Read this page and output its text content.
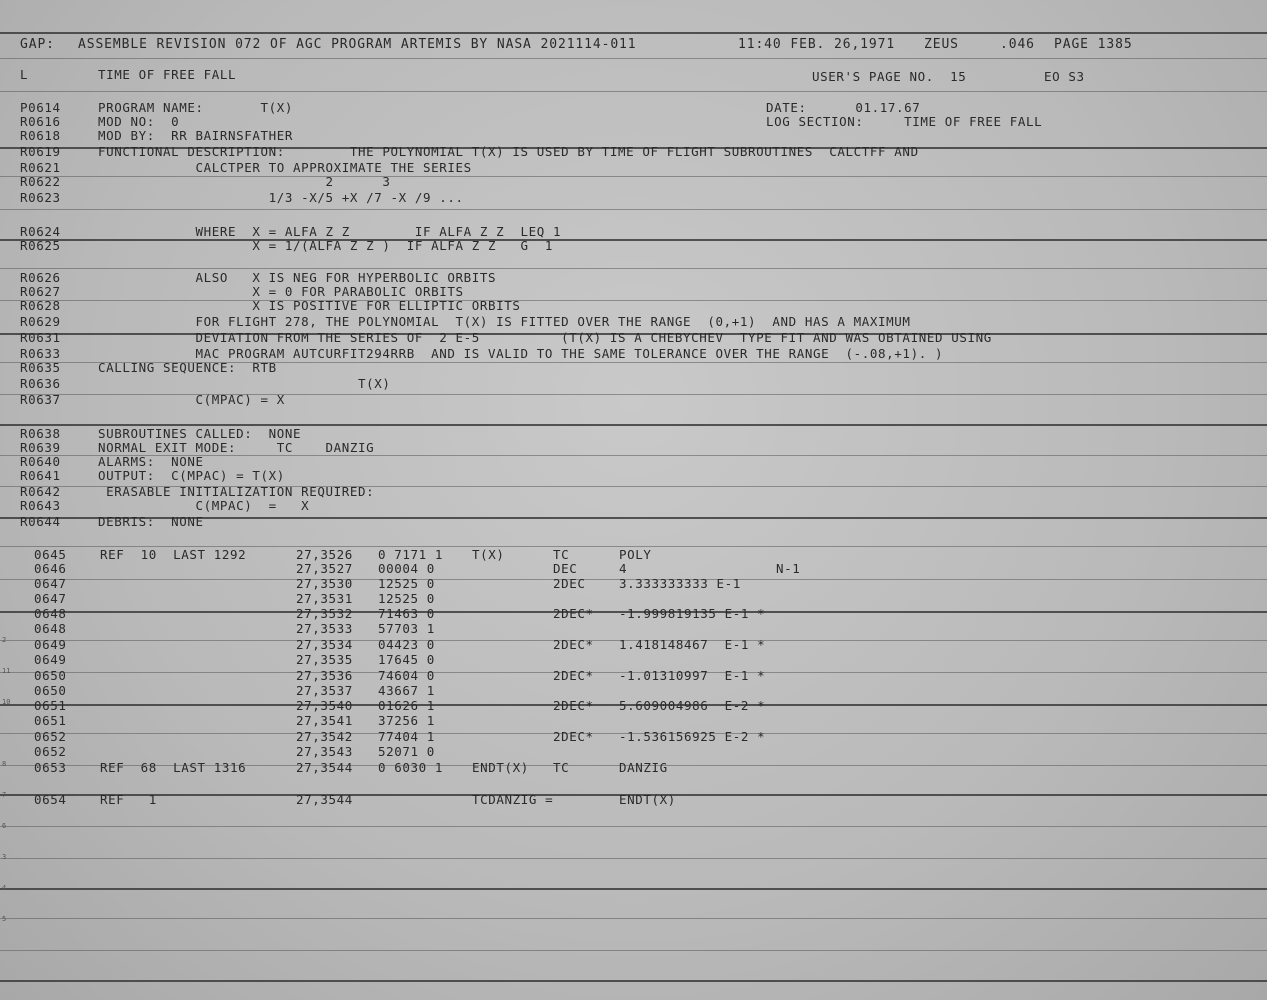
GAP: ASSEMBLE REVISION 072 OF AGC PROGRAM ARTEMIS BY NASA 2021114-011	11:40 FEB. 26,1971 ZEUS	.046 PAGE 1385
L	TIME OF FREE FALL	USER'S PAGE NO.  15	EO S3
DATE:      01.17.67
LOG SECTION:     TIME OF FREE FALL
P0614	PROGRAM NAME:       T(X)
R0616	MOD NO:  0
R0618	MOD BY:  RR BAIRNSFATHER
R0619	FUNCTIONAL DESCRIPTION:        THE POLYNOMIAL T(X) IS USED BY TIME OF FLIGHT SUBROUTINES  CALCTFF AND
R0621	CALCTPER TO APPROXIMATE THE SERIES
R0622	2      3
R0623	1/3 -X/5 +X /7 -X /9 ...
R0624	WHERE  X = ALFA Z Z        IF ALFA Z Z  LEQ 1
R0625	X = 1/(ALFA Z Z )  IF ALFA Z Z   G  1
R0626	ALSO   X IS NEG FOR HYPERBOLIC ORBITS
R0627	X = 0 FOR PARABOLIC ORBITS
R0628	X IS POSITIVE FOR ELLIPTIC ORBITS
R0629	FOR FLIGHT 278, THE POLYNOMIAL  T(X) IS FITTED OVER THE RANGE  (0,+1)  AND HAS A MAXIMUM
R0631	DEVIATION FROM THE SERIES OF  2 E-5          (T(X) IS A CHEBYCHEV  TYPE FIT AND WAS OBTAINED USING
R0633	MAC PROGRAM AUTCURFIT294RRB  AND IS VALID TO THE SAME TOLERANCE OVER THE RANGE  (-.08,+1). )
R0635	CALLING SEQUENCE:  RTB
R0636	T(X)
R0637	C(MPAC) = X
R0638	SUBROUTINES CALLED:  NONE
R0639	NORMAL EXIT MODE:     TC    DANZIG
R0640	ALARMS:  NONE
R0641	OUTPUT:  C(MPAC) = T(X)
R0642	ERASABLE INITIALIZATION REQUIRED:
R0643	C(MPAC)  =   X
R0644	DEBRIS:  NONE
0645	REF  10  LAST 1292	27,3526 0 7171 1 T(X)	TC	POLY
0646	27,3527 00004 0	DEC	4	N-1
0647	27,3530 12525 0	2DEC	3.333333333 E-1
0647	27,3531 12525 0
0648	27,3532 71463 0	2DEC* -1.999819135 E-1 *
0648	27,3533 57703 1
0649	27,3534 04423 0	2DEC* 1.418148467  E-1 *
0649	27,3535 17645 0
0650	27,3536 74604 0	2DEC* -1.01310997  E-1 *
0650	27,3537 43667 1
0651	27,3540 01626 1	2DEC* 5.609004986  E-2 *
0651	27,3541 37256 1
0652	27,3542 77404 1	2DEC* -1.536156925 E-2 *
0652	27,3543 52071 0
0653	REF  68  LAST 1316	27,3544 0 6030 1 ENDT(X) TC	DANZIG
0654	REF   1	27,3544	TCDANZIG =	ENDT(X)
2
11
10
8
7
6
3
4
5
